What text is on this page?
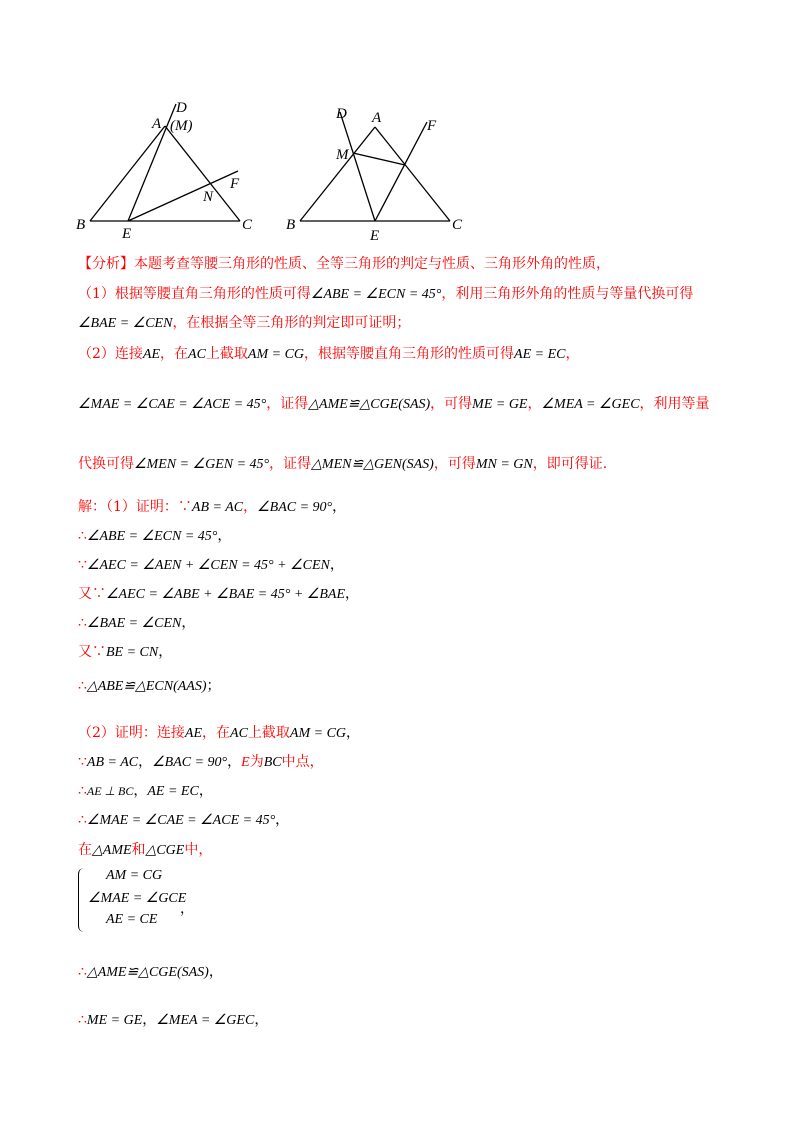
A
D
(M)
B
E
C
N
F
D A	F
M
B
E
C
【分析】本题考查等腰三角形的性质、全等三角形的判定与性质、三角形外角的性质，
（1）根据等腰直角三角形的性质可得∠ABE = ∠ECN = 45°，利用三角形外角的性质与等量代换可得
∠BAE = ∠CEN，在根据全等三角形的判定即可证明；
（2）连接AE，在AC上截取AM = CG，根据等腰直角三角形的性质可得AE = EC，
∠MAE = ∠CAE = ∠ACE = 45°，证得△AME≌△CGE(SAS)，可得ME = GE，∠MEA = ∠GEC，利用等量
代换可得∠MEN = ∠GEN = 45°，证得△MEN≌△GEN(SAS)，可得MN = GN，即可得证.
解：（1）证明：∵AB = AC，∠BAC = 90°，
∴∠ABE = ∠ECN = 45°，
∵∠AEC = ∠AEN + ∠CEN = 45° + ∠CEN，
又∵∠AEC = ∠ABE + ∠BAE = 45° + ∠BAE，
∴∠BAE = ∠CEN，
又∵BE = CN，
∴△ABE≌△ECN(AAS)；
（2）证明：连接AE，在AC上截取AM = CG，
∵AB = AC，∠BAC = 90°，E为BC中点，
∴AE ⊥ BC，AE = EC，
∴∠MAE = ∠CAE = ∠ACE = 45°，
在△AME和△CGE中，
AM = CG
∠MAE = ∠GCE
AE = CE
，
∴△AME≌△CGE(SAS)，
∴ME = GE，∠MEA = ∠GEC，
